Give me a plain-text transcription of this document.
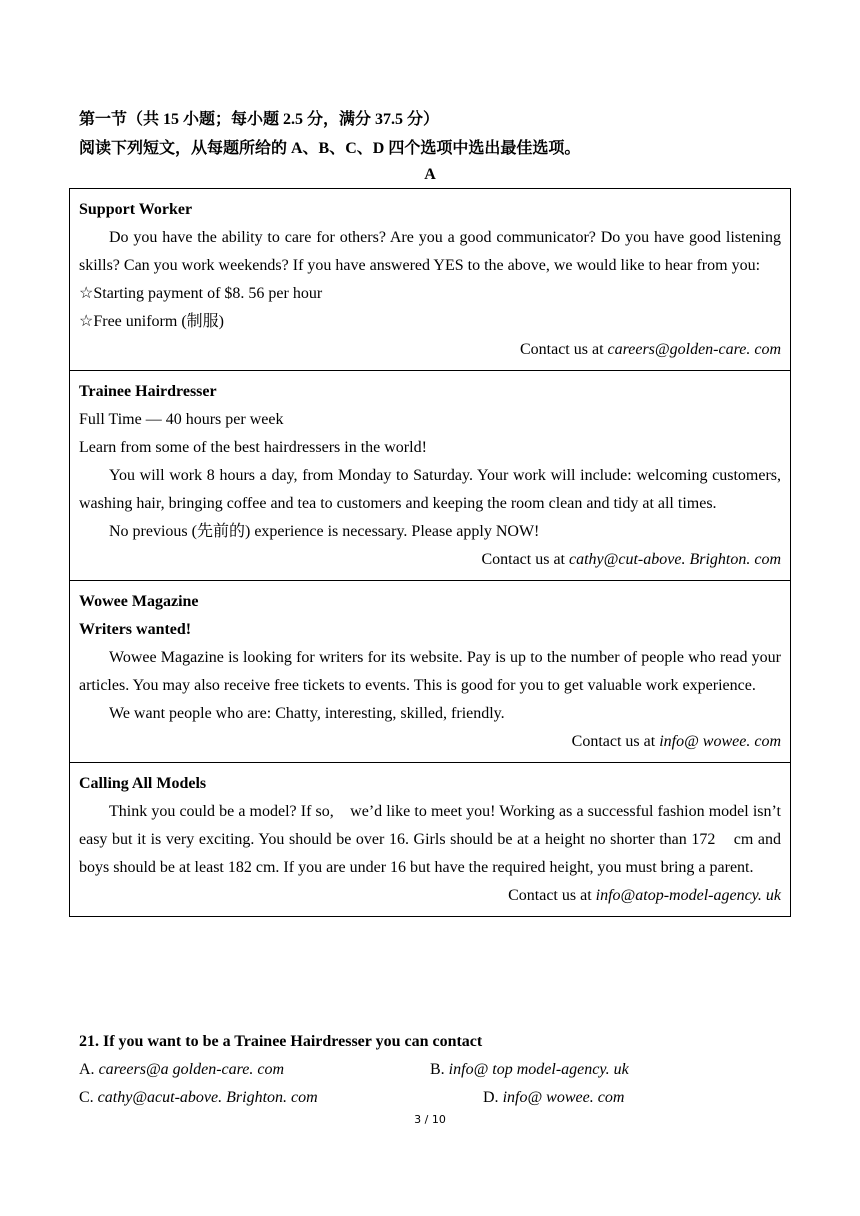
第一节（共 15 小题；每小题 2.5 分，满分 37.5 分）
阅读下列短文，从每题所给的 A、B、C、D 四个选项中选出最佳选项。
A
Support Worker
Do you have the ability to care for others? Are you a good communicator? Do you have good listening skills? Can you work weekends? If you have answered YES to the above, we would like to hear from you:
☆Starting payment of $8. 56 per hour
☆Free uniform (制服)
Contact us at careers@golden-care. com
Trainee Hairdresser
Full Time — 40 hours per week
Learn from some of the best hairdressers in the world!
You will work 8 hours a day, from Monday to Saturday. Your work will include: welcoming customers, washing hair, bringing coffee and tea to customers and keeping the room clean and tidy at all times.
No previous (先前的) experience is necessary. Please apply NOW!
Contact us at cathy@cut-above. Brighton. com
Wowee Magazine
Writers wanted!
Wowee Magazine is looking for writers for its website. Pay is up to the number of people who read your articles. You may also receive free tickets to events. This is good for you to get valuable work experience.
We want people who are: Chatty, interesting, skilled, friendly.
Contact us at info@ wowee. com
Calling All Models
Think you could be a model? If so,    we’d like to meet you! Working as a successful fashion model isn’t easy but it is very exciting. You should be over 16. Girls should be at a height no shorter than 172    cm and boys should be at least 182 cm. If you are under 16 but have the required height, you must bring a parent.
Contact us at info@atop-model-agency. uk
21. If you want to be a Trainee Hairdresser you can contact
A. careers@a golden-care. com	B. info@ top model-agency. uk
C. cathy@acut-above. Brighton. com	D. info@ wowee. com
3 / 10
